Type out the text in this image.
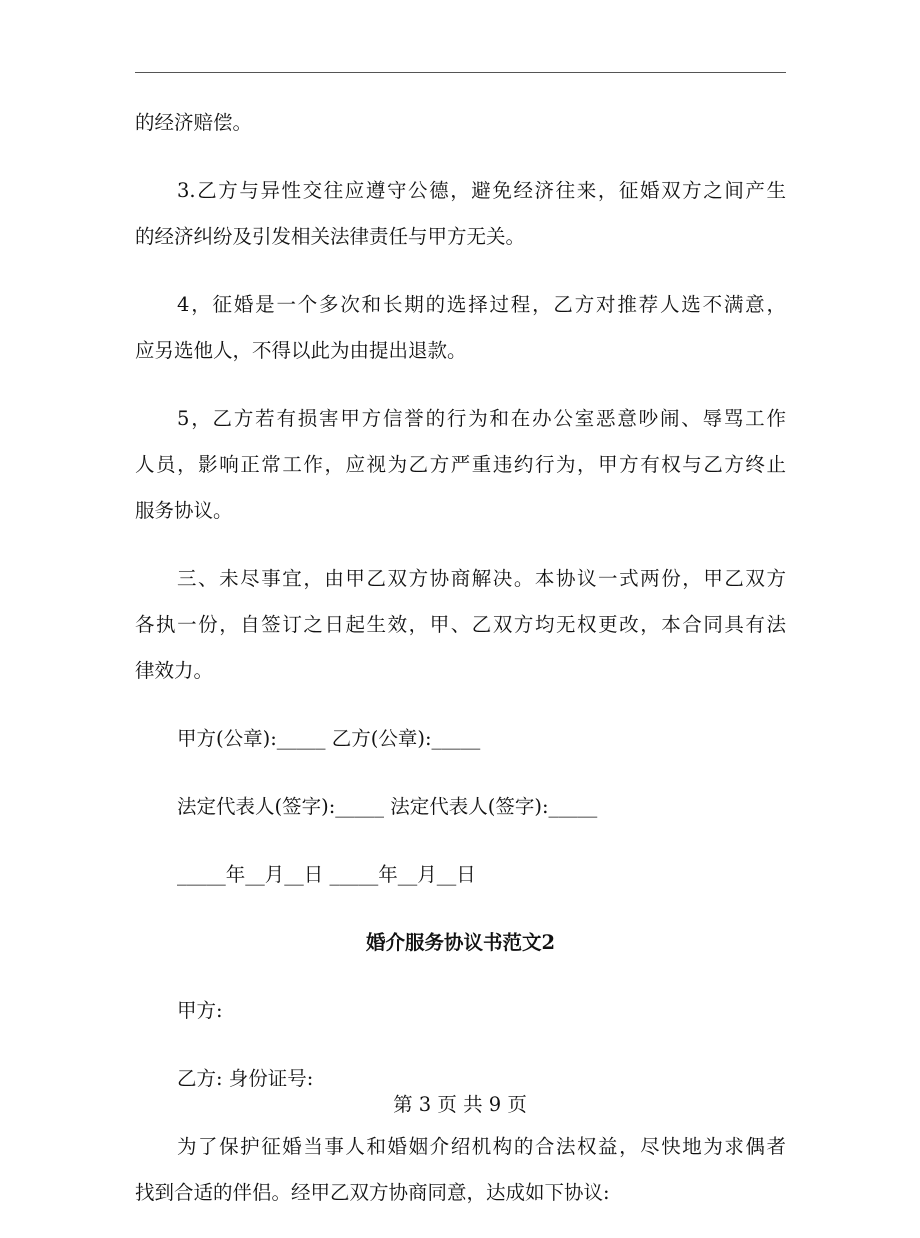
的经济赔偿。
3.乙方与异性交往应遵守公德，避免经济往来，征婚双方之间产生
的经济纠纷及引发相关法律责任与甲方无关。
4，征婚是一个多次和长期的选择过程，乙方对推荐人选不满意，
应另选他人，不得以此为由提出退款。
5，乙方若有损害甲方信誉的行为和在办公室恶意吵闹、辱骂工作
人员，影响正常工作，应视为乙方严重违约行为，甲方有权与乙方终止
服务协议。
三、未尽事宜，由甲乙双方协商解决。本协议一式两份，甲乙双方
各执一份，自签订之日起生效，甲、乙双方均无权更改，本合同具有法
律效力。
甲方(公章):_____ 乙方(公章):_____
法定代表人(签字):_____ 法定代表人(签字):_____
_____年__月__日 _____年__月__日
婚介服务协议书范文2
甲方:
乙方: 身份证号:
为了保护征婚当事人和婚姻介绍机构的合法权益，尽快地为求偶者
找到合适的伴侣。经甲乙双方协商同意，达成如下协议:
第 3 页 共 9 页
